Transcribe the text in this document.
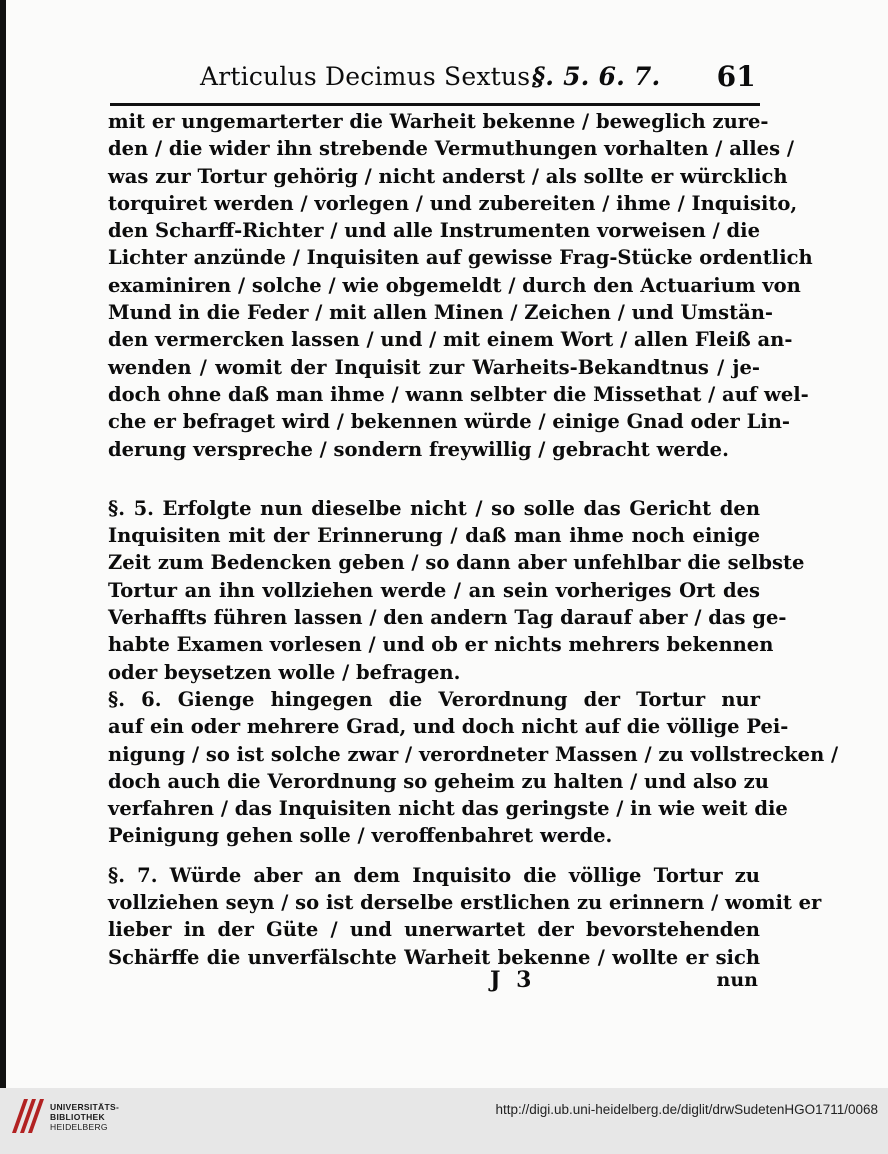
Articulus Decimus Sextus.
§. 5. 6. 7. 61
mit er ungemarterter die Warheit bekenne / beweglich zure-
den / die wider ihn strebende Vermuthungen vorhalten / alles /
was zur Tortur gehörig / nicht anderst / als sollte er würcklich
torquiret werden / vorlegen / und zubereiten / ihme / Inquisito,
den Scharff-Richter / und alle Instrumenten vorweisen / die
Lichter anzünde / Inquisiten auf gewisse Frag-Stücke ordentlich
examiniren / solche / wie obgemeldt / durch den Actuarium von
Mund in die Feder / mit allen Minen / Zeichen / und Umstän-
den vermercken lassen / und / mit einem Wort / allen Fleiß an-
wenden / womit der Inquisit zur Warheits-Bekandtnus / je-
doch ohne daß man ihme / wann selbter die Missethat / auf wel-
che er befraget wird / bekennen würde / einige Gnad oder Lin-
derung verspreche / sondern freywillig / gebracht werde.
§. 5. Erfolgte nun dieselbe nicht / so solle das Gericht den
Inquisiten mit der Erinnerung / daß man ihme noch einige
Zeit zum Bedencken geben / so dann aber unfehlbar die selbste
Tortur an ihn vollziehen werde / an sein vorheriges Ort des
Verhaffts führen lassen / den andern Tag darauf aber / das ge-
habte Examen vorlesen / und ob er nichts mehrers bekennen
oder beysetzen wolle / befragen.
§. 6. Gienge hingegen die Verordnung der Tortur nur
auf ein oder mehrere Grad, und doch nicht auf die völlige Pei-
nigung / so ist solche zwar / verordneter Massen / zu vollstrecken /
doch auch die Verordnung so geheim zu halten / und also zu
verfahren / das Inquisiten nicht das geringste / in wie weit die
Peinigung gehen solle / veroffenbahret werde.
§. 7. Würde aber an dem Inquisito die völlige Tortur zu
vollziehen seyn / so ist derselbe erstlichen zu erinnern / womit er
lieber in der Güte / und unerwartet der bevorstehenden
Schärffe die unverfälschte Warheit bekenne / wollte er sich
J 3	nun
UNIVERSITÄTS-
BIBLIOTHEK
HEIDELBERG
http://digi.ub.uni-heidelberg.de/diglit/drwSudetenHGO1711/0068
